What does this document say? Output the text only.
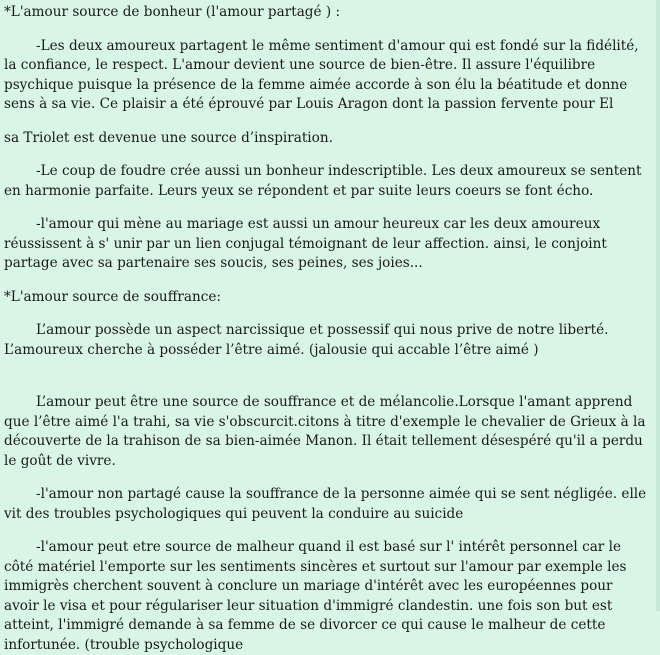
*L'amour source de bonheur (l'amour partagé ) :
-Les deux amoureux partagent le même sentiment d'amour qui est fondé sur la fidélité, la confiance, le respect. L'amour devient une source de bien-être. Il assure l'équilibre psychique puisque la présence de la femme aimée accorde à son élu la béatitude et donne sens à sa vie. Ce plaisir a été éprouvé par Louis Aragon dont la passion fervente pour El
sa Triolet est devenue une source d’inspiration.
-Le coup de foudre crée aussi un bonheur indescriptible. Les deux amoureux se sentent en harmonie parfaite. Leurs yeux se répondent et par suite leurs coeurs se font écho.
-l'amour qui mène au mariage est aussi un amour heureux car les deux amoureux réussissent à s' unir par un lien conjugal témoignant de leur affection. ainsi, le conjoint partage avec sa partenaire ses soucis, ses peines, ses joies...
*L'amour source de souffrance:
L’amour possède un aspect narcissique et possessif qui nous prive de notre liberté. L’amoureux cherche à posséder l’être aimé. (jalousie qui accable l’être aimé )
L’amour peut être une source de souffrance et de mélancolie.Lorsque l'amant apprend que l’être aimé l'a trahi, sa vie s'obscurcit.citons à titre d'exemple le chevalier de Grieux à la découverte de la trahison de sa bien-aimée Manon. Il était tellement désespéré qu'il a perdu le goût de vivre.
-l'amour non partagé cause la souffrance de la personne aimée qui se sent négligée. elle vit des troubles psychologiques qui peuvent la conduire au suicide
-l'amour peut etre source de malheur quand il est basé sur l' intérêt personnel car le côté matériel l'emporte sur les sentiments sincères et surtout sur l'amour par exemple les immigrès cherchent souvent à conclure un mariage d'intérêt avec les européennes pour avoir le visa et pour régulariser leur situation d'immigré clandestin. une fois son but est atteint, l'immigré demande à sa femme de se divorcer ce qui cause le malheur de cette infortunée. (trouble psychologique
